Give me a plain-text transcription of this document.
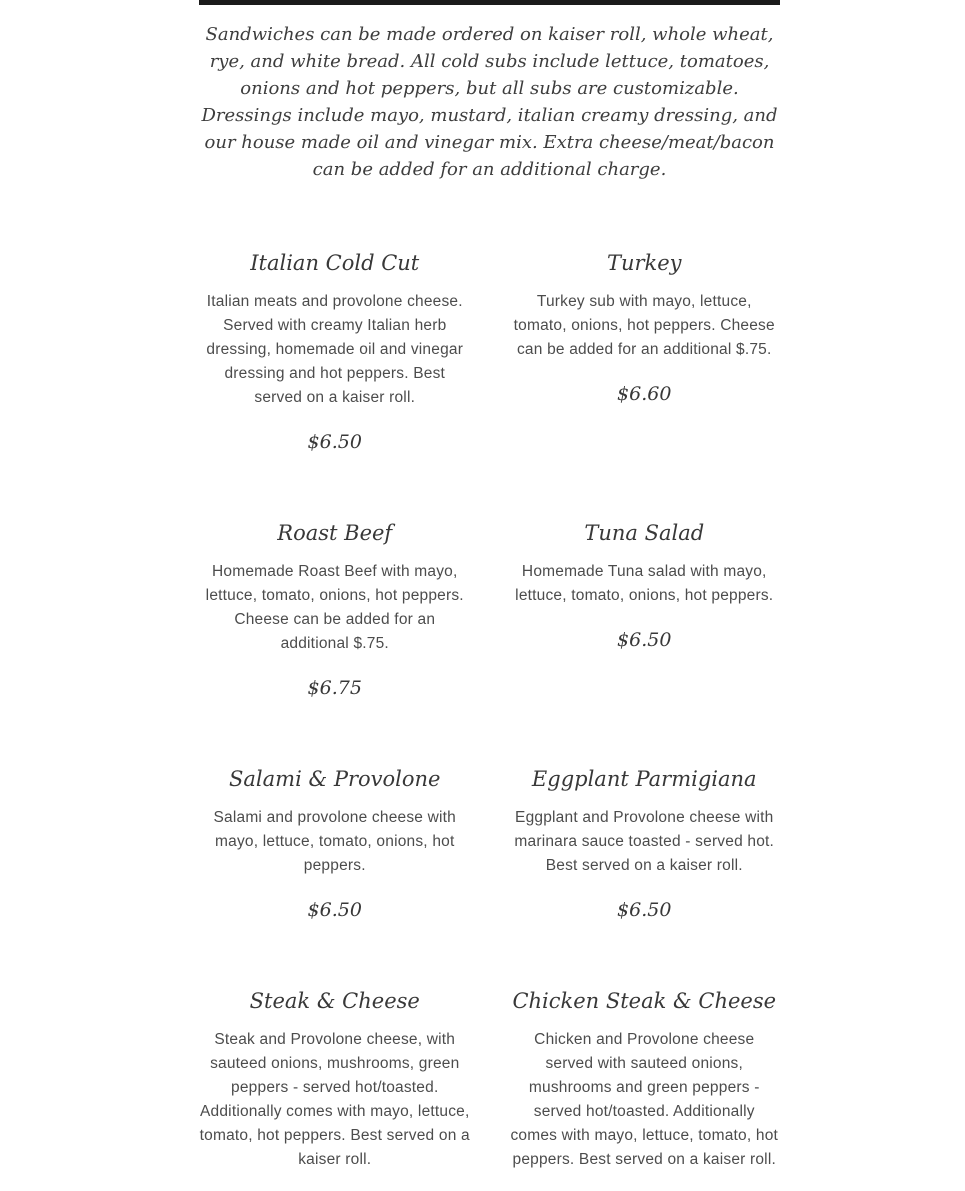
Sandwiches can be made ordered on kaiser roll, whole wheat, rye, and white bread. All cold subs include lettuce, tomatoes, onions and hot peppers, but all subs are customizable. Dressings include mayo, mustard, italian creamy dressing, and our house made oil and vinegar mix. Extra cheese/meat/bacon can be added for an additional charge.

Italian Cold Cut

Italian meats and provolone cheese. Served with creamy Italian herb dressing, homemade oil and vinegar dressing and hot peppers. Best served on a kaiser roll.

$6.50
Turkey

Turkey sub with mayo, lettuce, tomato, onions, hot peppers. Cheese can be added for an additional $.75.

$6.60
Roast Beef

Homemade Roast Beef with mayo, lettuce, tomato, onions, hot peppers. Cheese can be added for an additional $.75.

$6.75
Tuna Salad

Homemade Tuna salad with mayo, lettuce, tomato, onions, hot peppers.

$6.50
Salami & Provolone

Salami and provolone cheese with mayo, lettuce, tomato, onions, hot peppers.

$6.50
Eggplant Parmigiana

Eggplant and Provolone cheese with marinara sauce toasted - served hot. Best served on a kaiser roll.

$6.50
Steak & Cheese

Steak and Provolone cheese, with sauteed onions, mushrooms, green peppers - served hot/toasted. Additionally comes with mayo, lettuce, tomato, hot peppers. Best served on a kaiser roll.

Chicken Steak & Cheese

Chicken and Provolone cheese served with sauteed onions, mushrooms and green peppers - served hot/toasted. Additionally comes with mayo, lettuce, tomato, hot peppers. Best served on a kaiser roll.
